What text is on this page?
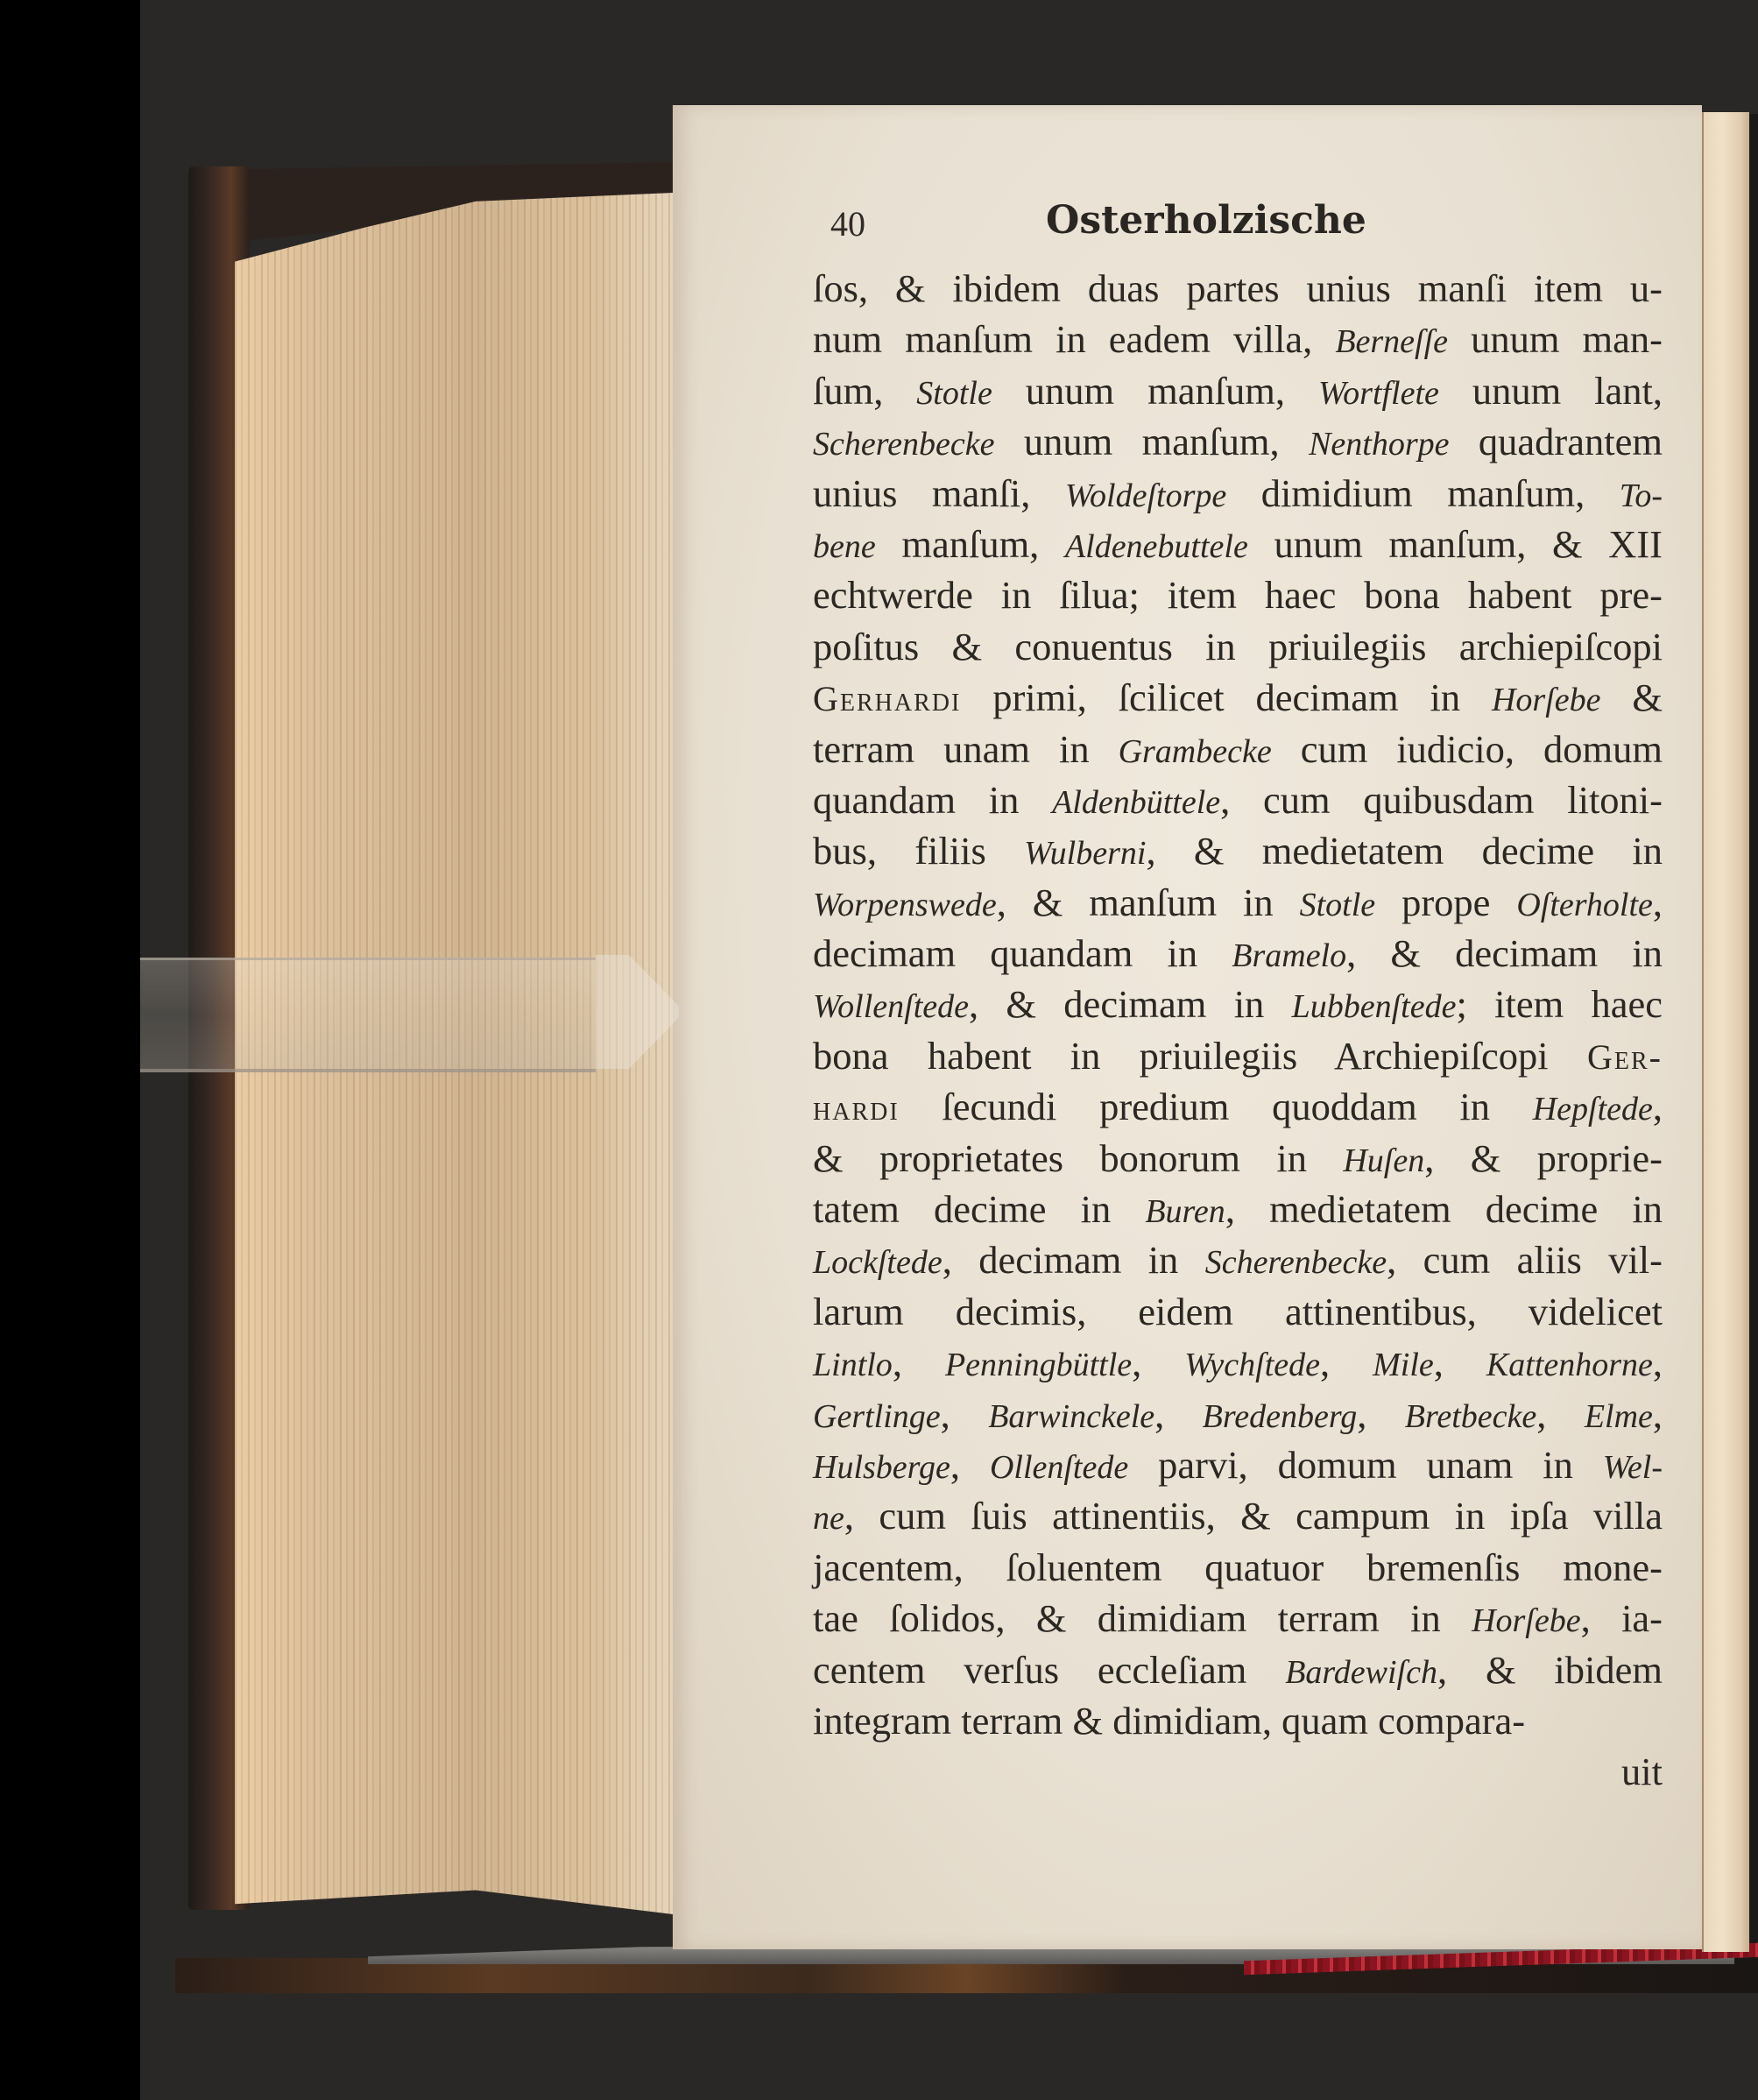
40	Osterholzische
ſos, & ibidem duas partes unius manſi item u-
num manſum in eadem villa, Berneſſe unum man-
ſum, Stotle unum manſum, Wortflete unum lant,
Scherenbecke unum manſum, Nenthorpe quadrantem
unius manſi, Woldeſtorpe dimidium manſum, To-
bene manſum, Aldenebuttele unum manſum, & XII
echtwerde in ſilua; item haec bona habent pre-
poſitus & conuentus in priuilegiis archiepiſcopi
Gerhardi primi, ſcilicet decimam in Horſebe &
terram unam in Grambecke cum iudicio, domum
quandam in Aldenbüttele, cum quibusdam litoni-
bus, filiis Wulberni, & medietatem decime in
Worpenswede, & manſum in Stotle prope Oſterholte,
decimam quandam in Bramelo, & decimam in
Wollenſtede, & decimam in Lubbenſtede; item haec
bona habent in priuilegiis Archiepiſcopi Ger-
hardi ſecundi predium quoddam in Hepſtede,
& proprietates bonorum in Huſen, & proprie-
tatem decime in Buren, medietatem decime in
Lockſtede, decimam in Scherenbecke, cum aliis vil-
larum decimis, eidem attinentibus, videlicet
Lintlo, Penningbüttle, Wychſtede, Mile, Kattenhorne,
Gertlinge, Barwinckele, Bredenberg, Bretbecke, Elme,
Hulsberge, Ollenſtede parvi, domum unam in Wel-
ne, cum ſuis attinentiis, & campum in ipſa villa
jacentem, ſoluentem quatuor bremenſis mone-
tae ſolidos, & dimidiam terram in Horſebe, ia-
centem verſus eccleſiam Bardewiſch, & ibidem
integram terram & dimidiam, quam compara-
uit
